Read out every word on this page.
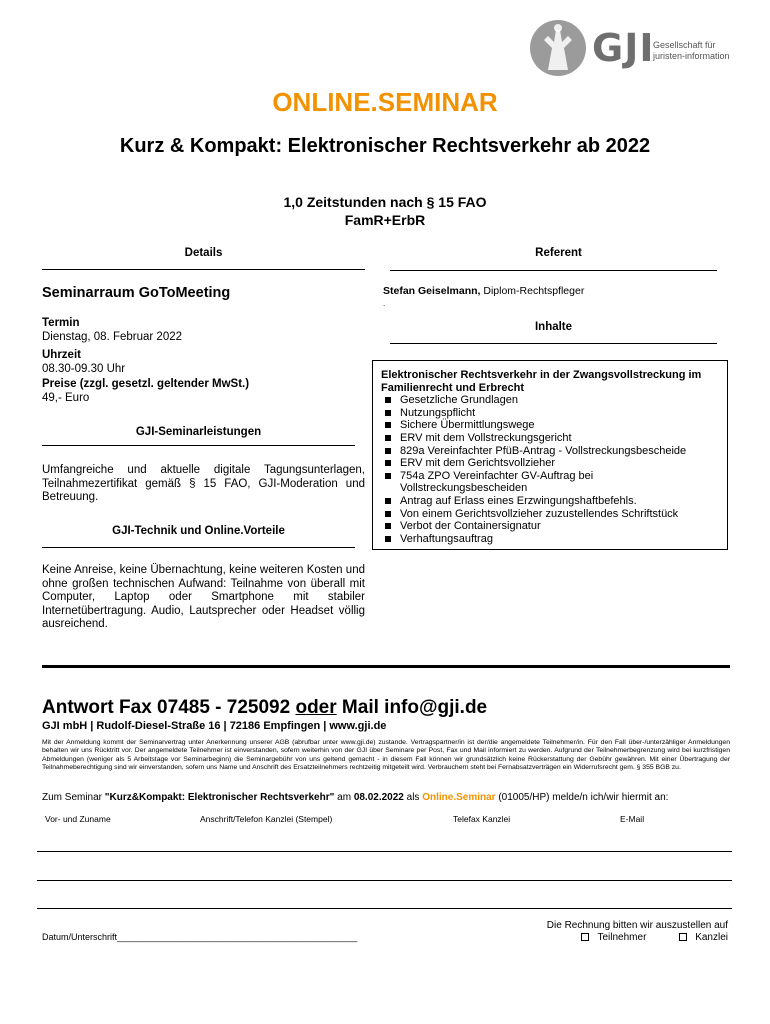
GJI
Gesellschaft für
juristen-information
ONLINE.SEMINAR
Kurz & Kompakt: Elektronischer Rechtsverkehr ab 2022
1,0 Zeitstunden nach § 15 FAO
FamR+ErbR
Details
Seminarraum GoToMeeting
Termin
Dienstag, 08. Februar 2022
Uhrzeit
08.30-09.30 Uhr
Preise (zzgl. gesetzl. geltender MwSt.)
49,- Euro
GJI-Seminarleistungen
Umfangreiche und aktuelle digitale Tagungsunterlagen, Teilnahmezertifikat gemäß § 15 FAO, GJI-Moderation und Betreuung.
GJI-Technik und Online.Vorteile
Keine Anreise, keine Übernachtung, keine weiteren Kosten und ohne großen technischen Aufwand: Teilnahme von überall mit Computer, Laptop oder Smartphone mit stabiler Internetübertragung. Audio, Lautsprecher oder Headset völlig ausreichend.
Referent
Stefan Geiselmann, Diplom-Rechtspfleger
.
Inhalte
Elektronischer Rechtsverkehr in der Zwangsvollstreckung im Familienrecht und Erbrecht
Gesetzliche Grundlagen
Nutzungspflicht
Sichere Übermittlungswege
ERV mit dem Vollstreckungsgericht
829a Vereinfachter PfüB-Antrag - Vollstreckungsbescheide
ERV mit dem Gerichtsvollzieher
754a ZPO Vereinfachter GV-Auftrag bei Vollstreckungsbescheiden
Antrag auf Erlass eines Erzwingungshaftbefehls.
Von einem Gerichtsvollzieher zuzustellendes Schriftstück
Verbot der Containersignatur
Verhaftungsauftrag
Antwort Fax 07485 - 725092 oder Mail info@gji.de
GJI mbH | Rudolf-Diesel-Straße 16 | 72186 Empfingen | www.gji.de
Mit der Anmeldung kommt der Seminarvertrag unter Anerkennung unserer AGB (abrufbar unter www.gji.de) zustande. Vertragspartner/in ist der/die angemeldete Teilnehmer/in. Für den Fall über-/unterzähliger Anmeldungen behalten wir uns Rücktritt vor. Der angemeldete Teilnehmer ist einverstanden, sofern weiterhin von der GJI über Seminare per Post, Fax und Mail informiert zu werden. Aufgrund der Teilnehmerbegrenzung wird bei kurzfristigen Abmeldungen (weniger als 5 Arbeitstage vor Seminarbeginn) die Seminargebühr von uns geltend gemacht - in diesem Fall können wir grundsätzlich keine Rückerstattung der Gebühr gewähren. Mit einer Übertragung der Teilnahmeberechtigung sind wir einverstanden, sofern uns Name und Anschrift des Ersatzteilnehmers rechtzeitig mitgeteilt wird. Verbrauchern steht bei Fernabsatzverträgen ein Widerrufsrecht gem. § 355 BGB zu.
Zum Seminar "Kurz&Kompakt: Elektronischer Rechtsverkehr" am 08.02.2022 als Online.Seminar (01005/HP) melde/n ich/wir hiermit an:
Vor- und Zuname	Anschrift/Telefon Kanzlei (Stempel)	Telefax Kanzlei	E-Mail
Datum/Unterschrift________________________________________________
Die Rechnung bitten wir auszustellen auf
Teilnehmer	Kanzlei
